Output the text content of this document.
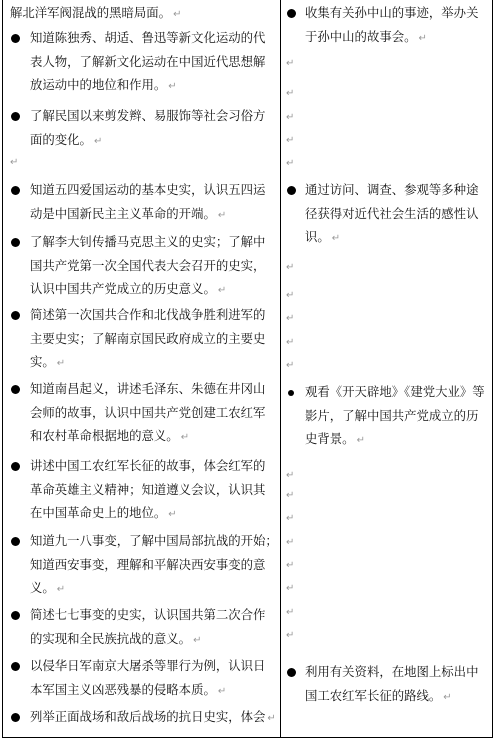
解北洋军阀混战的黑暗局面。 ↵
知道陈独秀、胡适、鲁迅等新文化运动的代
表人物，了解新文化运动在中国近代思想解
放运动中的地位和作用。 ↵
了解民国以来剪发辫、易服饰等社会习俗方
面的变化。 ↵
知道五四爱国运动的基本史实，认识五四运
动是中国新民主主义革命的开端。 ↵
了解李大钊传播马克思主义的史实；了解中
国共产党第一次全国代表大会召开的史实，
认识中国共产党成立的历史意义。 ↵
简述第一次国共合作和北伐战争胜利进军的
主要史实；了解南京国民政府成立的主要史
实。 ↵
知道南昌起义，讲述毛泽东、朱德在井冈山
会师的故事，认识中国共产党创建工农红军
和农村革命根据地的意义。 ↵
讲述中国工农红军长征的故事，体会红军的
革命英雄主义精神；知道遵义会议，认识其
在中国革命史上的地位。 ↵
知道九一八事变，了解中国局部抗战的开始；
知道西安事变，理解和平解决西安事变的意
义。 ↵
简述七七事变的史实，认识国共第二次合作
的实现和全民族抗战的意义。 ↵
以侵华日军南京大屠杀等罪行为例，认识日
本军国主义凶恶残暴的侵略本质。 ↵
列举正面战场和敌后战场的抗日史实，体会 ↵
↵
收集有关孙中山的事迹，举办关
于孙中山的故事会。 ↵
通过访问、调查、参观等多种途
径获得对近代社会生活的感性认
识。 ↵
观看《开天辟地》《建党大业》等
影片，了解中国共产党成立的历
史背景。 ↵
利用有关资料，在地图上标出中
国工农红军长征的路线。 ↵
↵
↵
↵
↵
↵
↵
↵
↵
↵
↵
↵
↵
↵
↵
↵
↵
↵
↵
